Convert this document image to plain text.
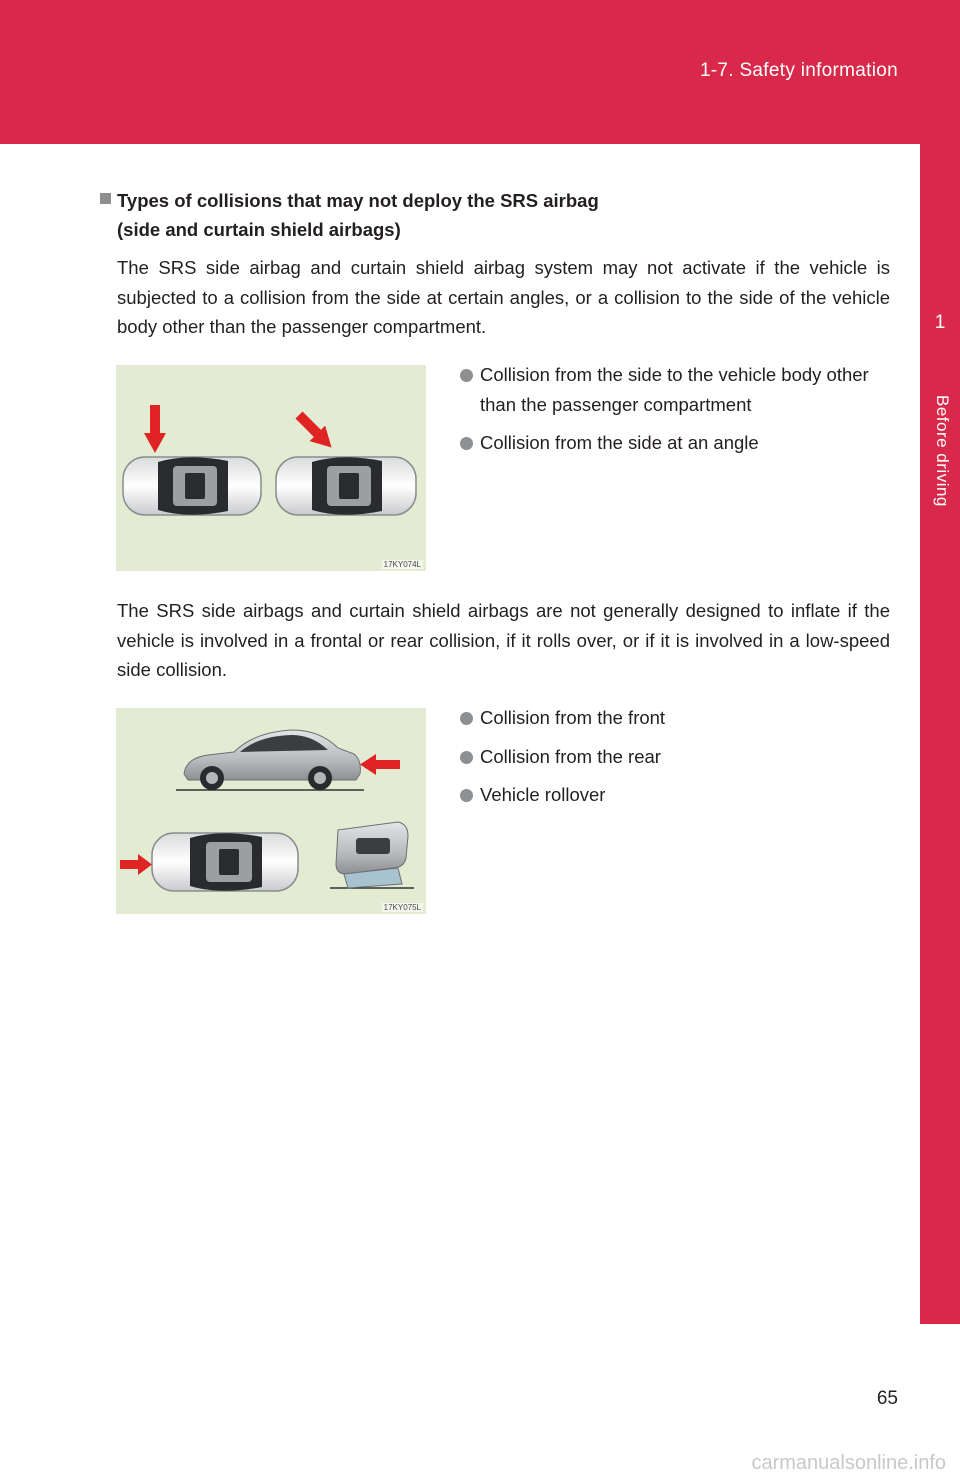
1-7. Safety information
1
Before driving
Types of collisions that may not deploy the SRS airbag
(side and curtain shield airbags)
The SRS side airbag and curtain shield airbag system may not activate if the vehicle is subjected to a collision from the side at certain angles, or a collision to the side of the vehicle body other than the passenger compartment.
17KY074L
Collision from the side to the vehicle body other than the passenger compartment
Collision from the side at an angle
The SRS side airbags and curtain shield airbags are not generally designed to inflate if the vehicle is involved in a frontal or rear collision, if it rolls over, or if it is involved in a low-speed side collision.
17KY075L
Collision from the front
Collision from the rear
Vehicle rollover
65
carmanualsonline.info
